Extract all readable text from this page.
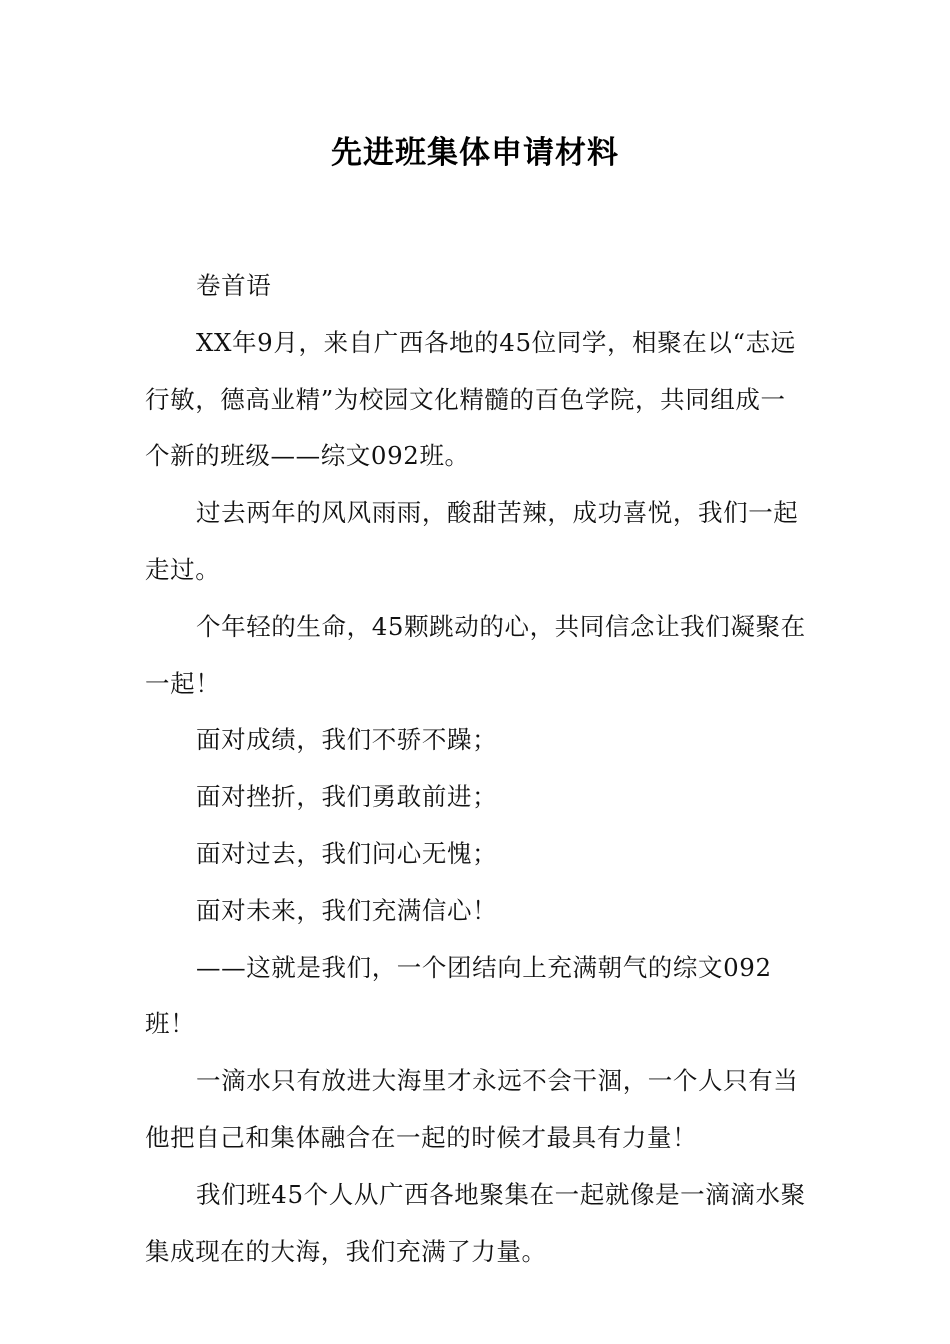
先进班集体申请材料

卷首语

XX年9月，来自广西各地的45位同学，相聚在以“志远行敏，德高业精”为校园文化精髓的百色学院，共同组成一个新的班级——综文092班。

过去两年的风风雨雨，酸甜苦辣，成功喜悦，我们一起走过。

个年轻的生命，45颗跳动的心，共同信念让我们凝聚在一起！

面对成绩，我们不骄不躁；

面对挫折，我们勇敢前进；

面对过去，我们问心无愧；

面对未来，我们充满信心！

——这就是我们，一个团结向上充满朝气的综文092班！

一滴水只有放进大海里才永远不会干涸，一个人只有当他把自己和集体融合在一起的时候才最具有力量！

我们班45个人从广西各地聚集在一起就像是一滴滴水聚集成现在的大海，我们充满了力量。
